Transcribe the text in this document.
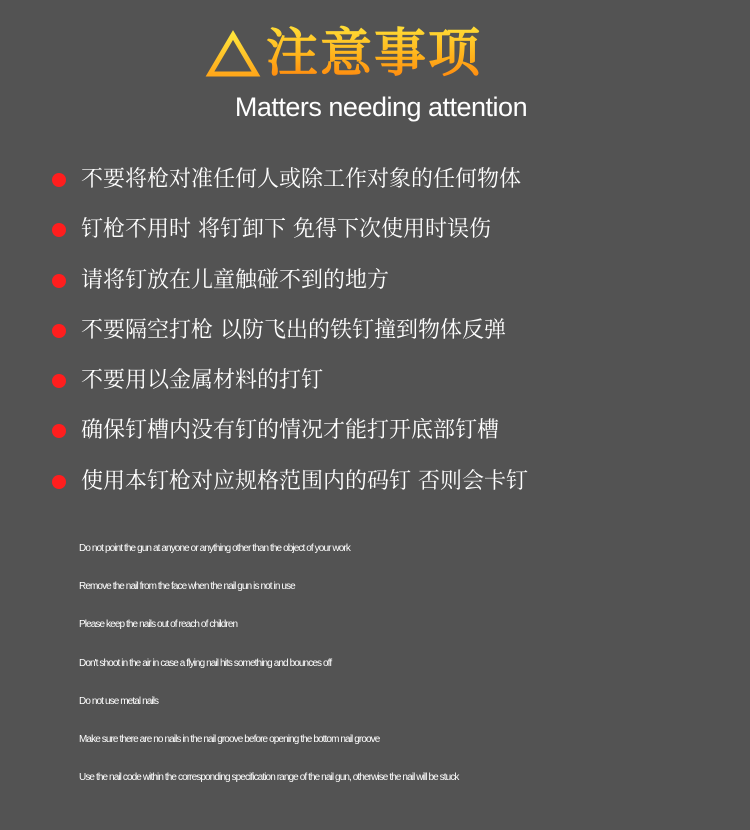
注意事项
Matters needing attention
不要将枪对准任何人或除工作对象的任何物体
钉枪不用时 将钉卸下 免得下次使用时误伤
请将钉放在儿童触碰不到的地方
不要隔空打枪 以防飞出的铁钉撞到物体反弹
不要用以金属材料的打钉
确保钉槽内没有钉的情况才能打开底部钉槽
使用本钉枪对应规格范围内的码钉 否则会卡钉
Do not point the gun at anyone or anything other than the object of your work
Remove the nail from the face when the nail gun is not in use
Please keep the nails out of reach of children
Don't shoot in the air in case a flying nail hits something and bounces off
Do not use metal nails
Make sure there are no nails in the nail groove before opening the bottom nail groove
Use the nail code within the corresponding specification range of the nail gun, otherwise the nail will be stuck
